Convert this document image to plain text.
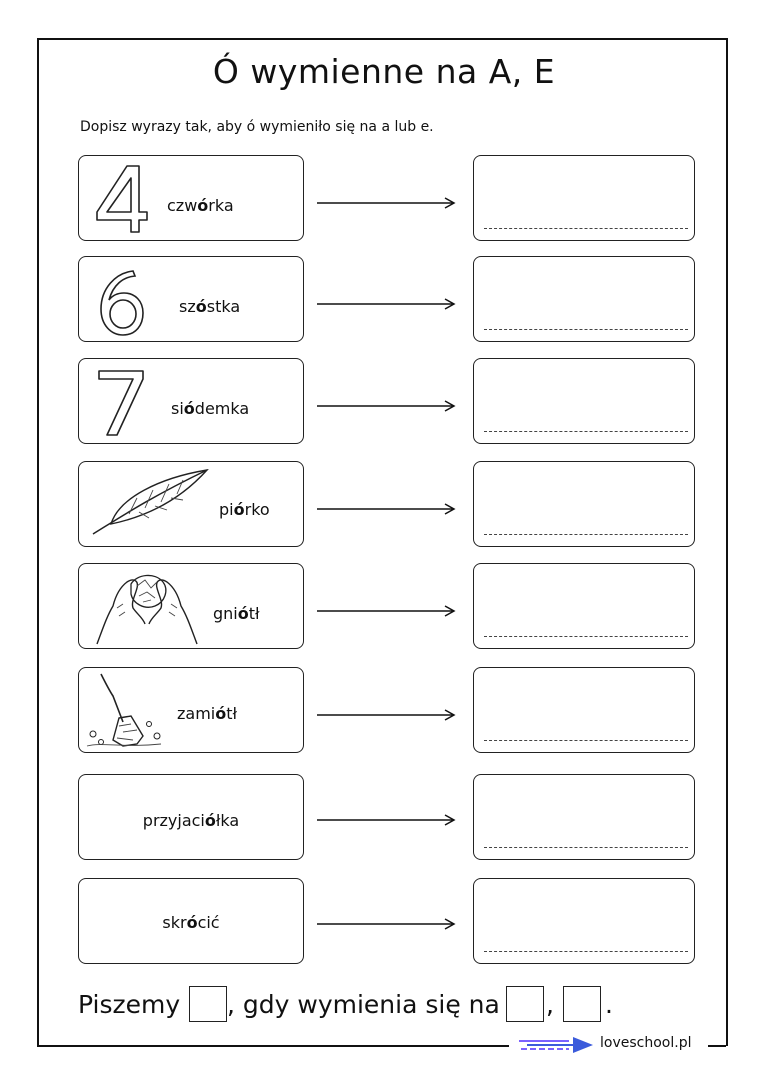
Ó wymienne na A, E
Dopisz wyrazy tak, aby ó wymieniło się na a lub e.
czwórka
szóstka
siódemka
piórko
gniótł
zamiótł
przyjaciółka
skrócić
Piszemy , gdy wymienia się na , .
loveschool.pl
